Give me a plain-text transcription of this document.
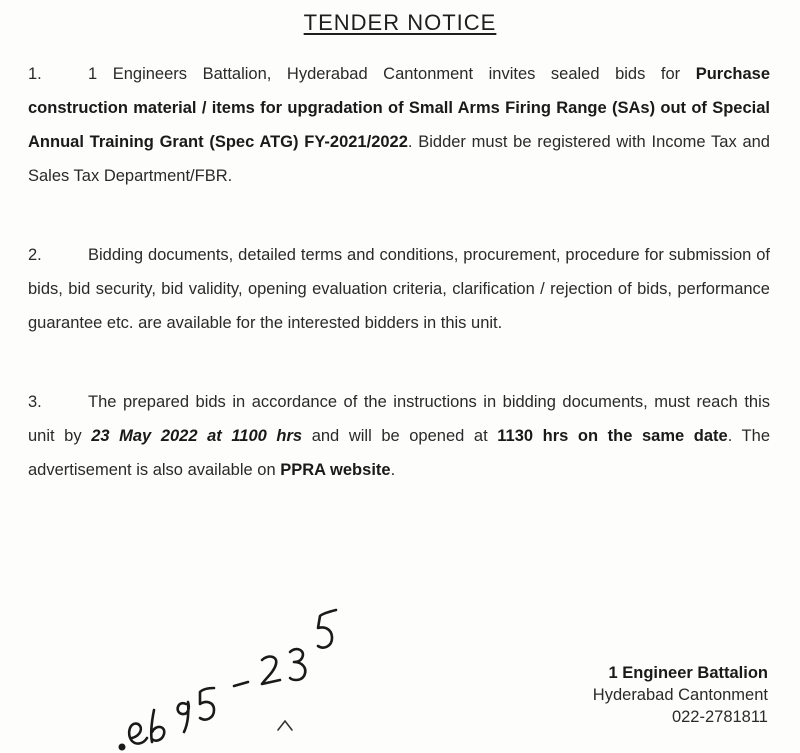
TENDER NOTICE
1.	1 Engineers Battalion, Hyderabad Cantonment invites sealed bids for Purchase construction material / items for upgradation of Small Arms Firing Range (SAs) out of Special Annual Training Grant (Spec ATG) FY-2021/2022. Bidder must be registered with Income Tax and Sales Tax Department/FBR.
2.	Bidding documents, detailed terms and conditions, procurement, procedure for submission of bids, bid security, bid validity, opening evaluation criteria, clarification / rejection of bids, performance guarantee etc. are available for the interested bidders in this unit.
3.	The prepared bids in accordance of the instructions in bidding documents, must reach this unit by 23 May 2022 at 1100 hrs and will be opened at 1130 hrs on the same date. The advertisement is also available on PPRA website.
1 Engineer Battalion
Hyderabad Cantonment
022-2781811
